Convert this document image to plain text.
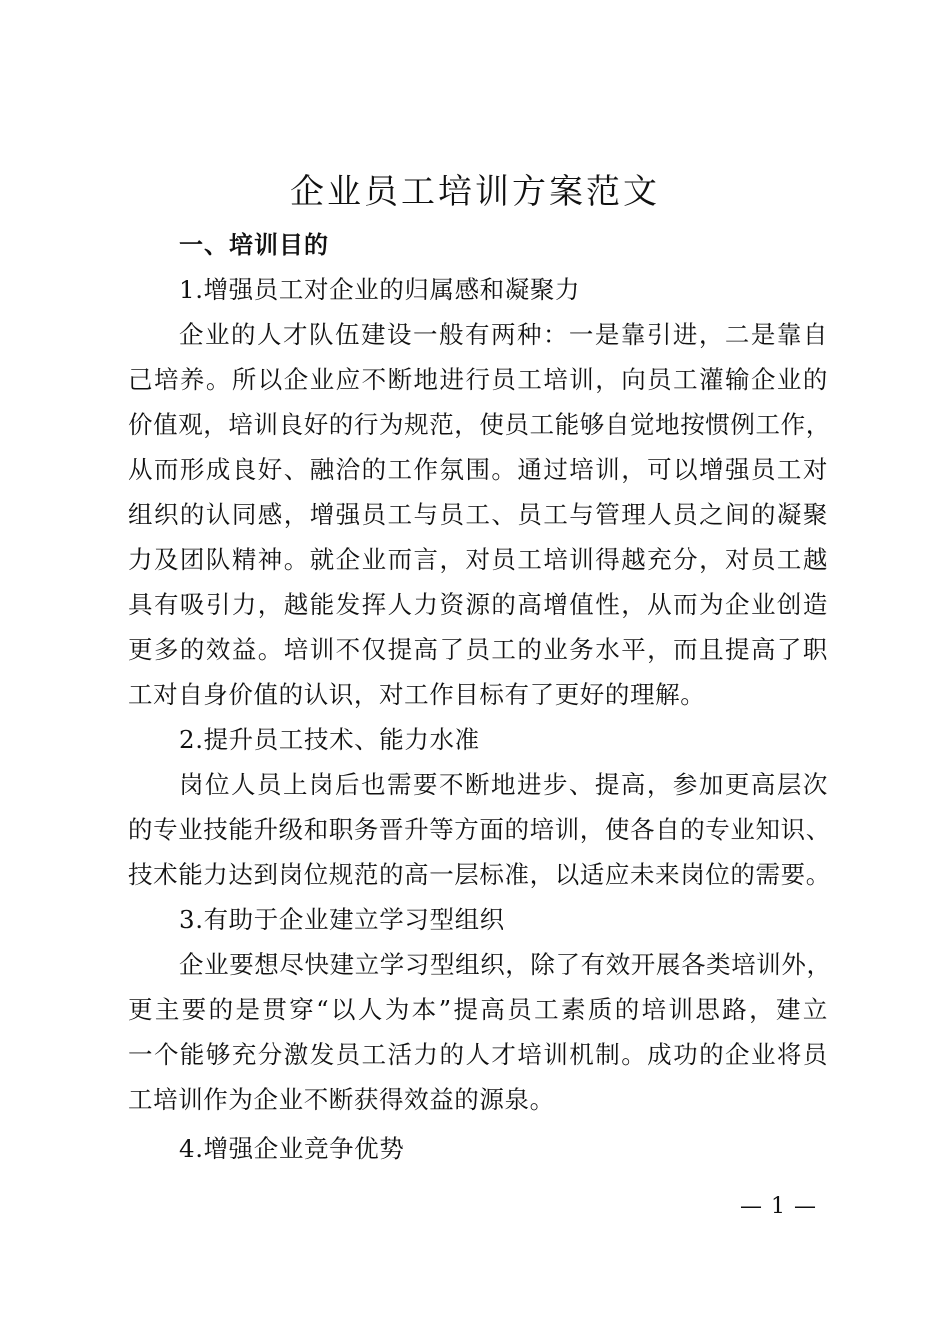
企业员工培训方案范文
一、培训目的

1.增强员工对企业的归属感和凝聚力

企业的人才队伍建设一般有两种：一是靠引进，二是靠自
己培养。所以企业应不断地进行员工培训，向员工灌输企业的
价值观，培训良好的行为规范，使员工能够自觉地按惯例工作，
从而形成良好、融洽的工作氛围。通过培训，可以增强员工对
组织的认同感，增强员工与员工、员工与管理人员之间的凝聚
力及团队精神。就企业而言，对员工培训得越充分，对员工越
具有吸引力，越能发挥人力资源的高增值性，从而为企业创造
更多的效益。培训不仅提高了员工的业务水平，而且提高了职
工对自身价值的认识，对工作目标有了更好的理解。

2.提升员工技术、能力水准

岗位人员上岗后也需要不断地进步、提高，参加更高层次
的专业技能升级和职务晋升等方面的培训，使各自的专业知识、
技术能力达到岗位规范的高一层标准，以适应未来岗位的需要。

3.有助于企业建立学习型组织

企业要想尽快建立学习型组织，除了有效开展各类培训外，
更主要的是贯穿“以人为本”提高员工素质的培训思路，建立
一个能够充分激发员工活力的人才培训机制。成功的企业将员
工培训作为企业不断获得效益的源泉。

4.增强企业竞争优势

— 1 —
